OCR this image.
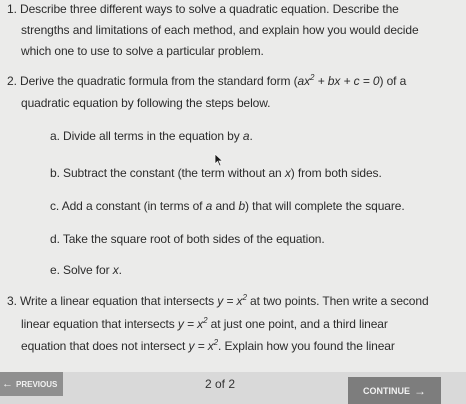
1. Describe three different ways to solve a quadratic equation. Describe the
strengths and limitations of each method, and explain how you would decide
which one to use to solve a particular problem.
2. Derive the quadratic formula from the standard form ($ax^2$ + bx + c = 0) of a
quadratic equation by following the steps below.
a. Divide all terms in the equation by a.
b. Subtract the constant (the term without an x) from both sides.
c. Add a constant (in terms of a and b) that will complete the square.
d. Take the square root of both sides of the equation.
e. Solve for x.
3. Write a linear equation that intersects $y = x^2$ at two points. Then write a second
linear equation that intersects $y = x^2$ at just one point, and a third linear
equation that does not intersect $y = x^2$. Explain how you found the linear
← PREVIOUS	2 of 2	CONTINUE →
